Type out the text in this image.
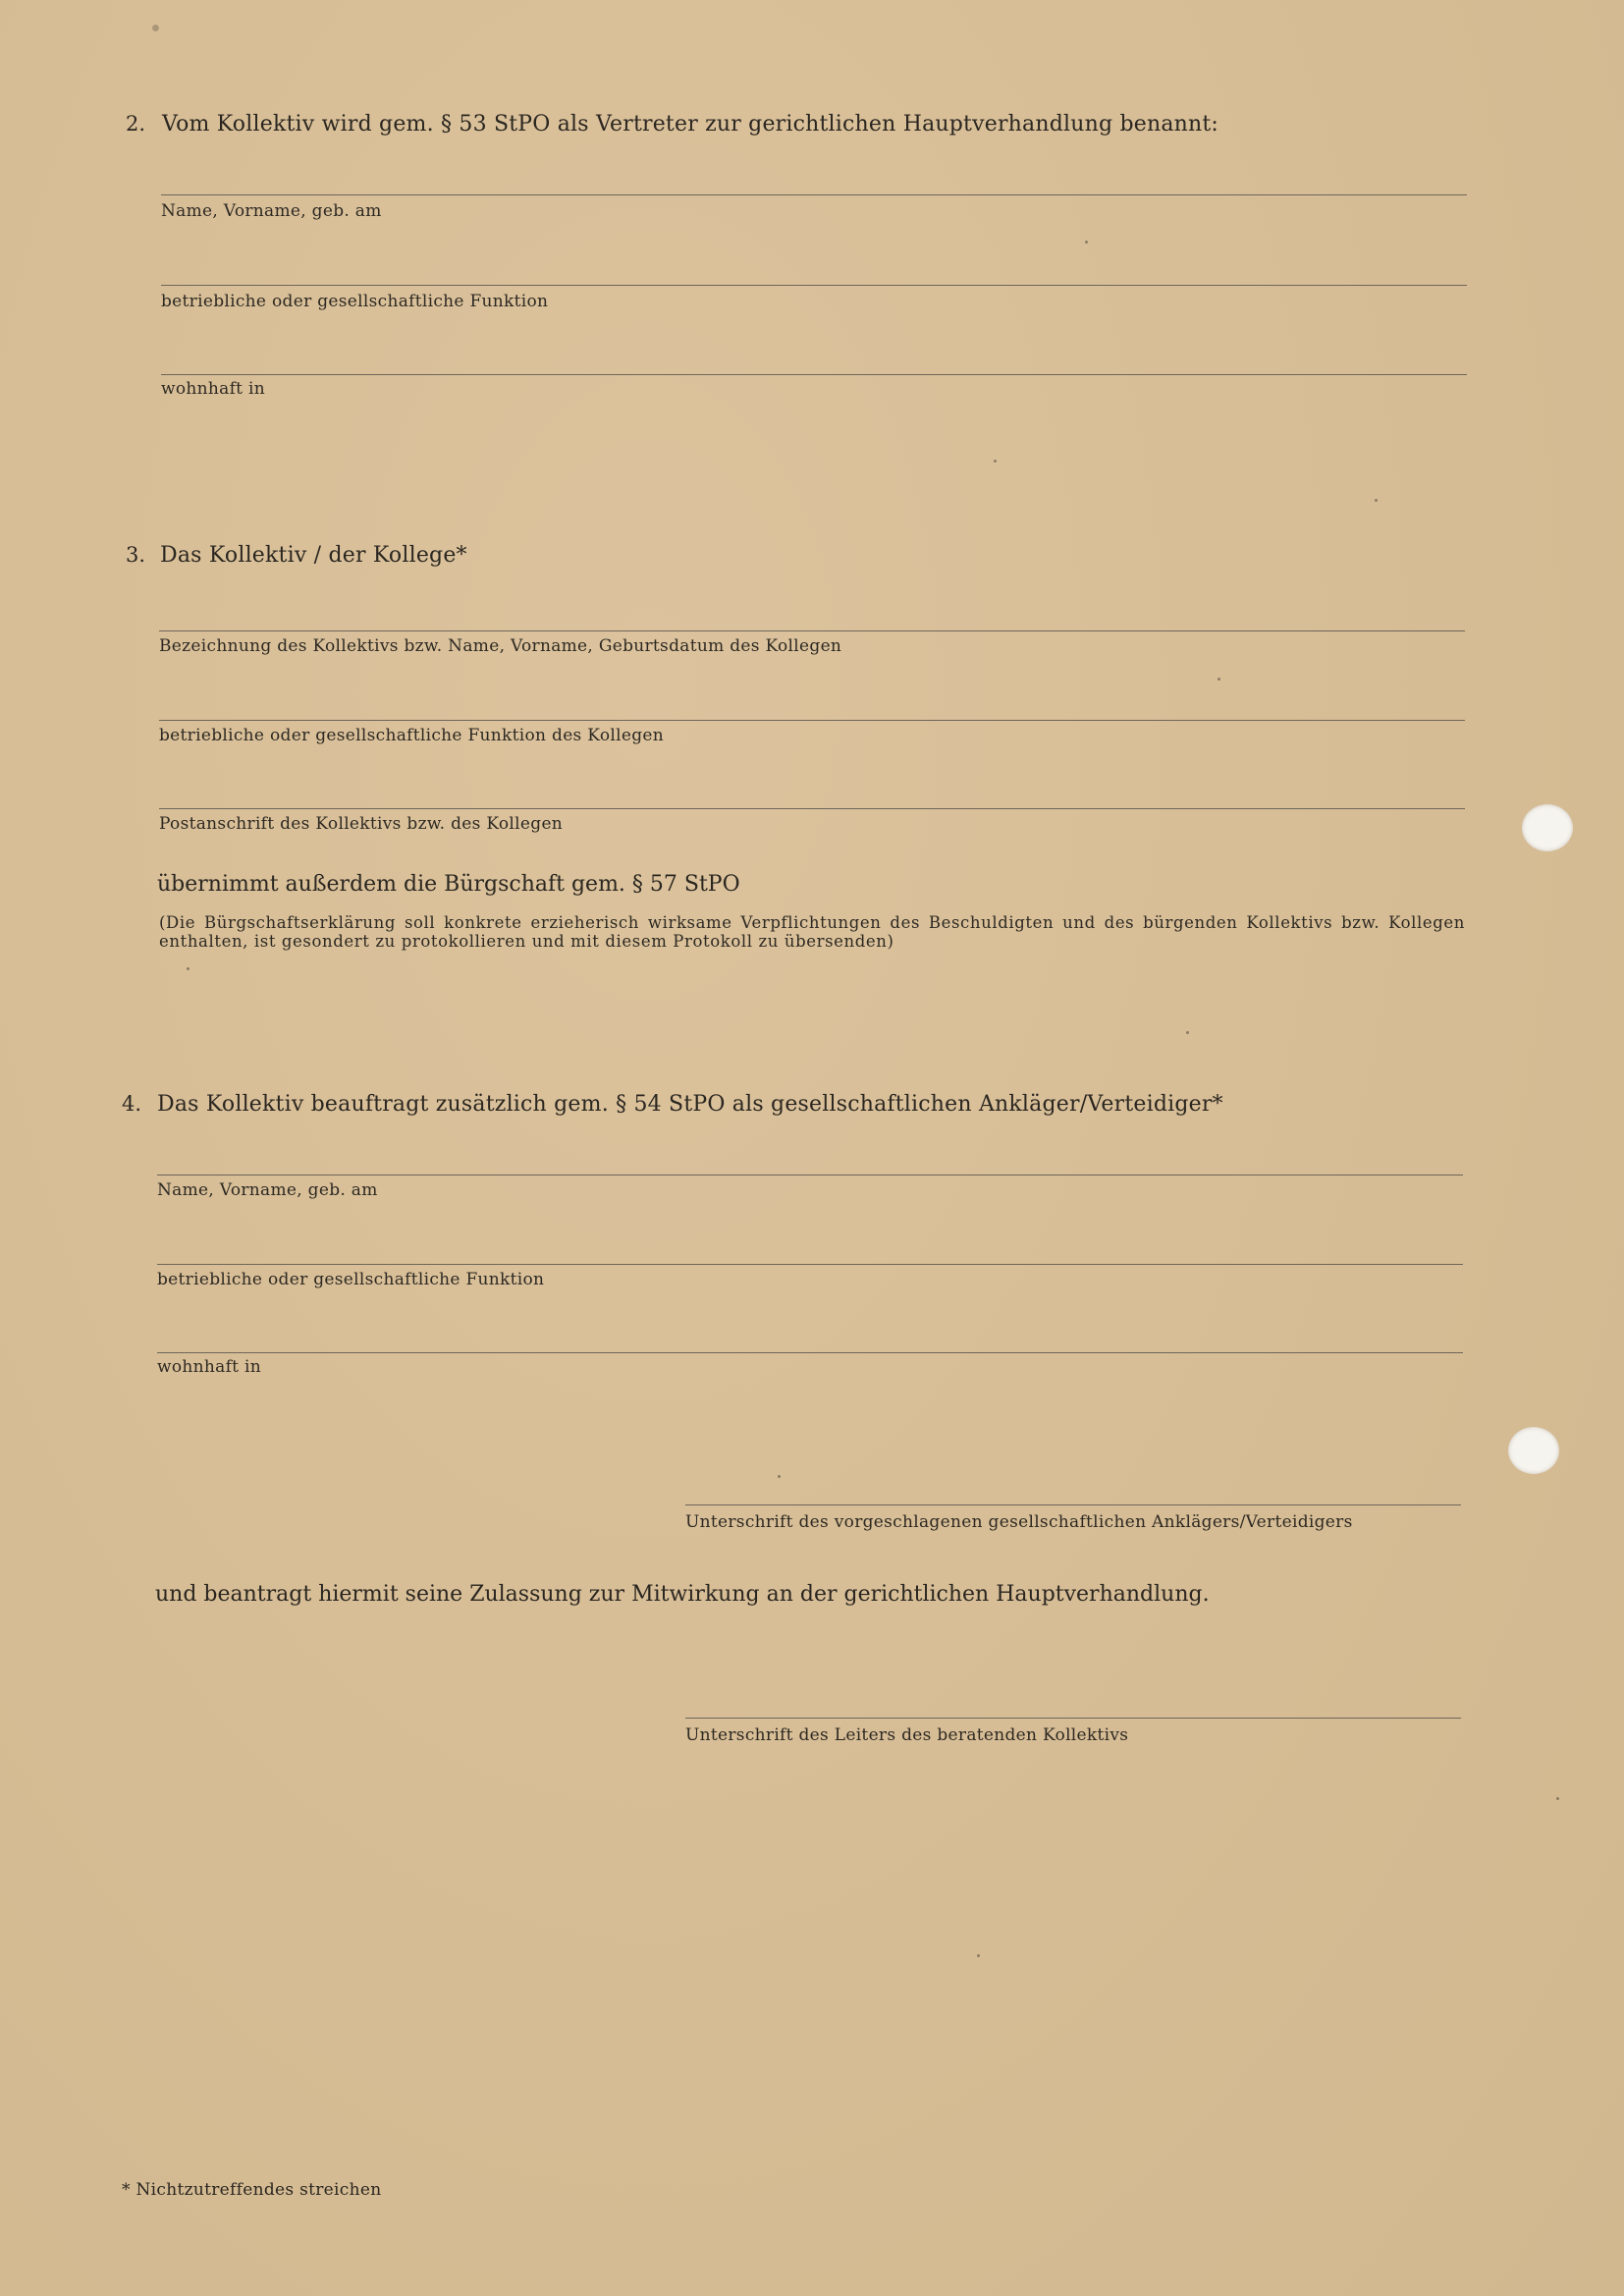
2. Vom Kollektiv wird gem. § 53 StPO als Vertreter zur gerichtlichen Hauptverhandlung benannt:
Name, Vorname, geb. am
betriebliche oder gesellschaftliche Funktion
wohnhaft in
3. Das Kollektiv / der Kollege*
Bezeichnung des Kollektivs bzw. Name, Vorname, Geburtsdatum des Kollegen
betriebliche oder gesellschaftliche Funktion des Kollegen
Postanschrift des Kollektivs bzw. des Kollegen
übernimmt außerdem die Bürgschaft gem. § 57 StPO
(Die Bürgschaftserklärung soll konkrete erzieherisch wirksame Verpflichtungen des Beschuldigten und des bürgenden Kollektivs bzw. Kollegen enthalten, ist gesondert zu protokollieren und mit diesem Protokoll zu übersenden)
4. Das Kollektiv beauftragt zusätzlich gem. § 54 StPO als gesellschaftlichen Ankläger/Verteidiger*
Name, Vorname, geb. am
betriebliche oder gesellschaftliche Funktion
wohnhaft in
Unterschrift des vorgeschlagenen gesellschaftlichen Anklägers/Verteidigers
und beantragt hiermit seine Zulassung zur Mitwirkung an der gerichtlichen Hauptverhandlung.
Unterschrift des Leiters des beratenden Kollektivs
* Nichtzutreffendes streichen
